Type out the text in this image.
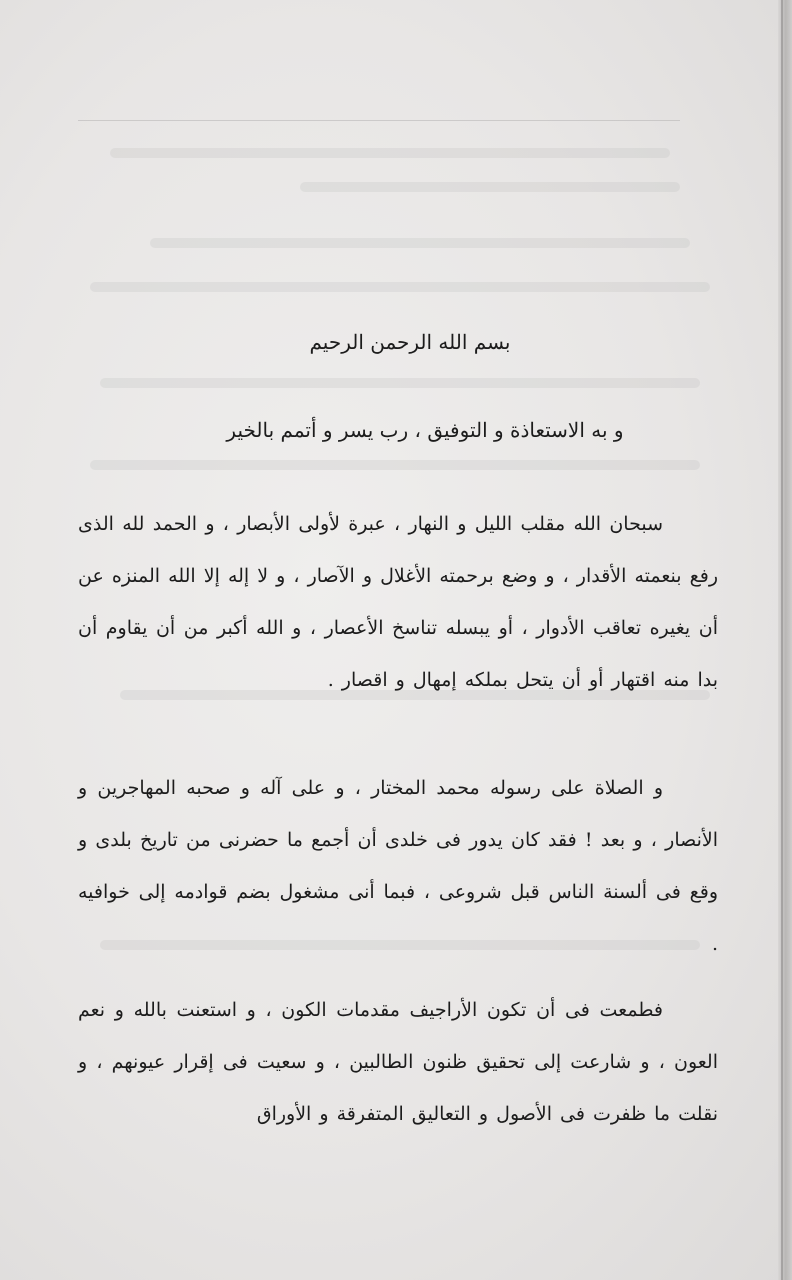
بسم الله الرحمن الرحيم
و به الاستعاذة و التوفيق ، رب يسر و أتمم بالخير
سبحان الله مقلب الليل و النهار ، عبرة لأولى الأبصار ، و الحمد لله الذى رفع بنعمته الأقدار ، و وضع برحمته الأغلال و الآصار ، و لا إله إلا الله المنزه عن أن يغيره تعاقب الأدوار ، أو يبسله تناسخ الأعصار ، و الله أكبر من أن يقاوم أن بدا منه اقتهار أو أن يتحل بملكه إمهال و اقصار .
و الصلاة على رسوله محمد المختار ، و على آله و صحبه المهاجرين و الأنصار ، و بعد ! فقد كان يدور فى خلدى أن أجمع ما حضرنى من تاريخ بلدى و وقع فى ألسنة الناس قبل شروعى ، فبما أنى مشغول بضم قوادمه إلى خوافيه .
فطمعت فى أن تكون الأراجيف مقدمات الكون ، و استعنت بالله و نعم العون ، و شارعت إلى تحقيق ظنون الطالبين ، و سعيت فى إقرار عيونهم ، و نقلت ما ظفرت فى الأصول و التعاليق المتفرقة و الأوراق
